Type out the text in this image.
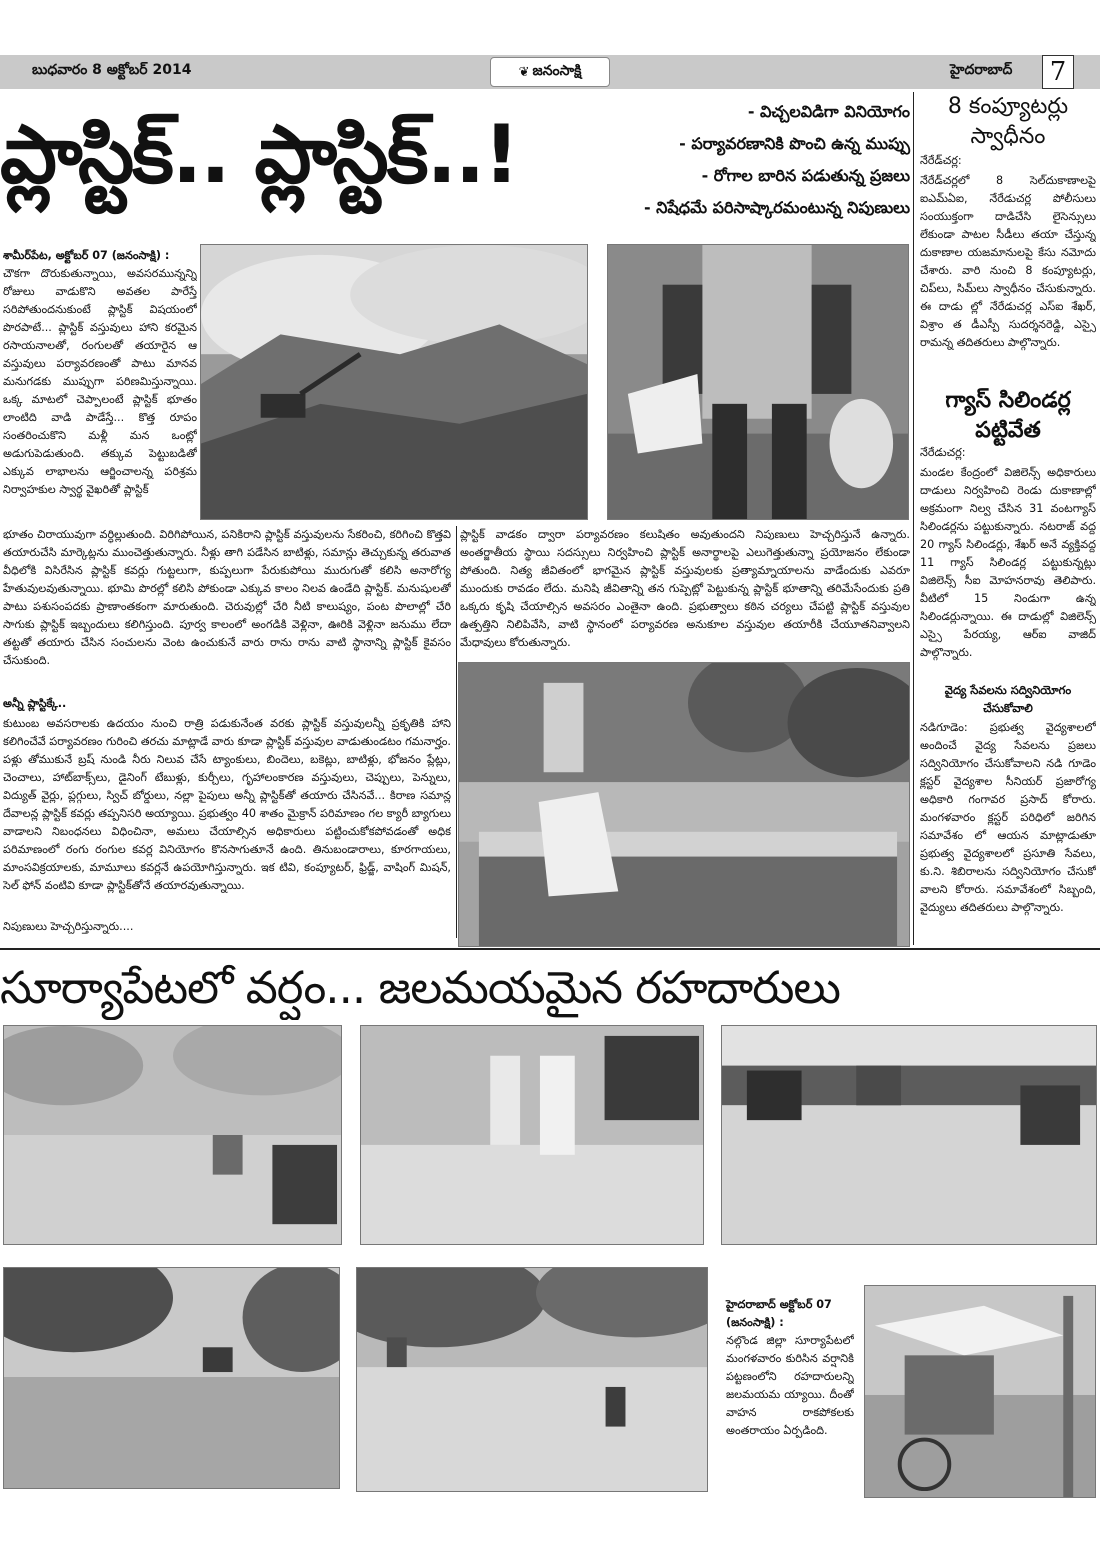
బుధవారం 8 అక్టోబర్ 2014	❦ జనంసాక్షి	హైదరాబాద్ 7
ప్లాస్టిక్.. ప్లాస్టిక్..!	- విచ్చలవిడిగా వినియోగం
- పర్యావరణానికి పొంచి ఉన్న ముప్పు
- రోగాల బారిన పడుతున్న ప్రజలు
- నిషేధమే పరిసాష్కారమంటున్న నిపుణులు
శామీర్‌పేట, అక్టోబర్ 07 (జనంసాక్షి) :
చౌకగా దొరుకుతున్నాయి, అవసరమున్నన్ని రోజులు వాడుకొని అవతల పారేస్తే సరిపోతుందనుకుంటే ప్లాస్టిక్ విషయంలో పొరపాటే... ప్లాస్టిక్ వస్తువులు హాని కరమైన రసాయనాలతో, రంగులతో తయారైన ఆ వస్తువులు పర్యావరణంతో పాటు మానవ మనుగడకు ముప్పుగా పరిణమిస్తున్నాయి. ఒక్క మాటలో చెప్పాలంటే ప్లాస్టిక్ భూతం లాంటిది వాడి పాడేస్తే... కొత్త రూపం సంతరించుకొని మళ్లీ మన ఒంట్లో అడుగుపెడుతుంది. తక్కువ పెట్టుబడితో ఎక్కువ లాభాలను ఆర్జించాలన్న పరిశ్రమ నిర్వాహకుల స్వార్థ వైఖరితో ప్లాస్టిక్
భూతం చిరాయువుగా వర్ధిల్లుతుంది. విరిగిపోయిన, పనికిరాని ప్లాస్టిక్ వస్తువులను సేకరించి, కరిగించి కొత్తవి తయారుచేసి మార్కెట్లను ముంచెత్తుతున్నారు. నీళ్లు తాగి పడేసిన బాటిళ్లు, సమాన్లు తెచ్చుకున్న తరువాత వీధిలోకి విసిరేసిన ప్లాస్టిక్ కవర్లు గుట్టలుగా, కుప్పలుగా పేరుకుపోయి మురుగుతో కలిసి అనారోగ్య హేతువులవుతున్నాయి. భూమి పొరల్లో కలిసి పోకుండా ఎక్కువ కాలం నిలవ ఉండేది ప్లాస్టిక్. మనుషులతో పాటు పశుసంపదకు ప్రాణాంతకంగా మారుతుంది. చెరువుల్లో చేరి నీటి కాలుష్యం, పంట పొలాల్లో చేరి సాగుకు ప్లాస్టిక్ ఇబ్బందులు కలిగిస్తుంది. పూర్వ కాలంలో అంగడికి వెళ్లినా, ఊరికి వెళ్లినా జనుము లేదా తట్టతో తయారు చేసిన సంచులను వెంట ఉంచుకునే వారు రాను రాను వాటి స్థానాన్ని ప్లాస్టిక్ కైవసం చేసుకుంది.
అన్నీ ప్లాస్టిక్కే..
కుటుంబ అవసరాలకు ఉదయం నుంచి రాత్రి పడుకునేంత వరకు ప్లాస్టిక్ వస్తువులన్నీ ప్రకృతికి హాని కలిగించేవే పర్యావరణం గురించి తరచు మాట్లాడే వారు కూడా ప్లాస్టిక్ వస్తువుల వాడుతుండటం గమనార్హం. పళ్లు తోముకునే బ్రష్ నుండి నీరు నిలువ చేసే ట్యాంకులు, బిందెలు, బకెట్లు, బాటిళ్లు, భోజనం ప్లేట్లు, చెంచాలు, హాట్‌బాక్స్‌లు, డైనింగ్ టేబుళ్లు, కుర్చీలు, గృహాలంకారణ వస్తువులు, చెప్పులు, పెన్నులు, విద్యుత్ వైర్లు, ప్లగ్గులు, స్విచ్ బోర్డులు, నల్లా పైపులు అన్నీ ప్లాస్టిక్‌తో తయారు చేసినవే... కిరాణ సమాన్ల దేవాలన్ల ప్లాస్టిక్ కవర్లు తప్పనిసరి అయ్యాయి. ప్రభుత్వం 40 శాతం మైక్రాన్ పరిమాణం గల క్యారీ బ్యాగులు వాడాలని నిబంధనలు విధించినా, అమలు చేయాల్సిన అధికారులు పట్టించుకోకపోవడంతో అధిక పరిమాణంలో రంగు రంగుల కవర్ల వినియోగం కొనసాగుతూనే ఉంది. తినుబండారాలు, కూరగాయలు, మాంసవిక్రయాలకు, మామూలు కవర్లనే ఉపయోగిస్తున్నారు. ఇక టివి, కంప్యూటర్, ఫ్రిడ్జ్, వాషింగ్ మిషన్, సెల్ ఫోన్ వంటివి కూడా ప్లాస్టిక్‌తోనే తయారవుతున్నాయి.
నిపుణులు హెచ్చరిస్తున్నారు....
ప్లాస్టిక్ వాడకం ద్వారా పర్యావరణం కలుషితం అవుతుందని నిపుణులు హెచ్చరిస్తునే ఉన్నారు. అంతర్జాతీయ స్థాయి సదస్సులు నిర్వహించి ప్లాస్టిక్ అనార్థాలపై ఎలుగెత్తుతున్నా ప్రయోజనం లేకుండా పోతుంది. నిత్య జీవితంలో భాగమైన ప్లాస్టిక్ వస్తువులకు ప్రత్యామ్నాయాలను వాడేందుకు ఎవరూ ముందుకు రావడం లేదు. మనిషి జీవితాన్ని తన గుప్పెట్లో పెట్టుకున్న ప్లాస్టిక్ భూతాన్ని తరిమేసేందుకు ప్రతి ఒక్కరు కృషి చేయాల్సిన అవసరం ఎంతైనా ఉంది. ప్రభుత్వాలు కఠిన చర్యలు చేపట్టి ప్లాస్టిక్ వస్తువుల ఉత్పత్తిని నిలిపివేసి, వాటి స్థానంలో పర్యావరణ అనుకూల వస్తువుల తయారీకి చేయూతనివ్వాలని మేధావులు కోరుతున్నారు.
8 కంప్యూటర్లు స్వాధీనం
నేరేడ్‌చర్ల:
నేరేడ్‌చర్లలో 8 సెల్‌దుకాణాలపై ఐఎమ్‌ఏఐ, నేరేడుచర్ల పోలీసులు సంయుక్తంగా దాడిచేసి లైసెన్సులు లేకుండా పాటల సీడీలు తయా చేస్తున్న దుకాణాల యజమానులపై కేసు నమోదు చేశారు. వారి నుంచి 8 కంప్యూటర్లు, చిప్‌లు, సిమ్‌లు స్వాధీనం చేసుకున్నారు. ఈ దాడు ల్లో నేరేడుచర్ల ఎస్ఐ శేఖర్, విశ్రాం త డీఎస్పీ సుదర్శనరెడ్డి, ఎస్సై రామన్న తదితరులు పాల్గొన్నారు.
గ్యాస్ సిలిండర్ల పట్టివేత
నేరేడుచర్ల:
మండల కేంద్రంలో విజిలెన్స్ అధికారులు దాడులు నిర్వహించి రెండు దుకాణాల్లో అక్రమంగా నిల్వ చేసిన 31 వంటగ్యాస్ సిలిండర్లను పట్టుకున్నారు. నటరాజ్ వద్ద 20 గ్యాస్ సిలిండర్లు, శేఖర్ అనే వ్యక్తివద్ద 11 గ్యాస్ సిలిండర్ల పట్టుకున్నట్లు విజిలెన్స్ సీఐ మోహనరావు తెలిపారు. వీటిలో 15 నిండుగా ఉన్న సిలిండర్లున్నాయి. ఈ దాడుల్లో విజిలెన్స్ ఎస్సై పేరయ్య, ఆర్ఐ వాజిద్ పాల్గొన్నారు.
వైద్య సేవలను సద్వినియోగం చేసుకోవాలి
నడిగూడెం: ప్రభుత్వ వైద్యశాలలో అందించే వైద్య సేవలను ప్రజలు సద్వినియోగం చేసుకోవాలని నడి గూడెం క్లస్టర్ వైద్యశాల సీనియర్ ప్రజారోగ్య అధికారి గంగావర ప్రసాద్ కోరారు. మంగళవారం క్లస్టర్ పరిధిలో జరిగిన సమావేశం లో ఆయన మాట్లాడుతూ ప్రభుత్వ వైద్యశాలలో ప్రసూతి సేవలు, కు.ని. శిబిరాలను సద్వినియోగం చేసుకో వాలని కోరారు. సమావేశంలో సిబ్బంది, వైద్యులు తదితరులు పాల్గొన్నారు.
సూర్యాపేటలో వర్షం... జలమయమైన రహదారులు
హైదరాబాద్ అక్టోబర్ 07 (జనంసాక్షి) :
నల్గొండ జిల్లా సూర్యాపేటలో మంగళవారం కురిసిన వర్షానికి పట్టణంలోని రహదారులన్ని జలమయమ య్యాయి. దీంతో వాహన రాకపోకలకు అంతరాయం ఏర్పడింది.
